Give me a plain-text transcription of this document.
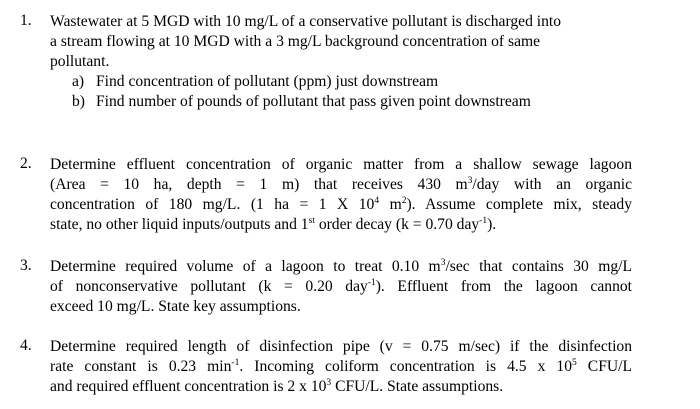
1.	Wastewater at 5 MGD with 10 mg/L of a conservative pollutant is discharged into
a stream flowing at 10 MGD with a 3 mg/L background concentration of same
pollutant.
a) Find concentration of pollutant (ppm) just downstream
b) Find number of pounds of pollutant that pass given point downstream
2.	Determine effluent concentration of organic matter from a shallow sewage lagoon
(Area = 10 ha, depth = 1 m) that receives 430 $m^3$/day with an organic
concentration of 180 mg/L. (1 ha = 1 X $10^4$ $m^2$). Assume complete mix, steady
state, no other liquid inputs/outputs and 1st order decay (k = 0.70 day$^{-1}$).
3.	Determine required volume of a lagoon to treat 0.10 $m^3/\sec$ that contains 30 mg/L
of nonconservative pollutant (k = 0.20 day$^{-1}$). Effluent from the lagoon cannot
exceed 10 mg/L. State key assumptions.
4.	Determine required length of disinfection pipe (v = 0.75 m/sec) if the disinfection
rate constant is 0.23 $\min^{-1}$. Incoming coliform concentration is 4.5 x $10^5$ CFU/L
and required effluent concentration is 2 x $10^3$ CFU/L. State assumptions.
